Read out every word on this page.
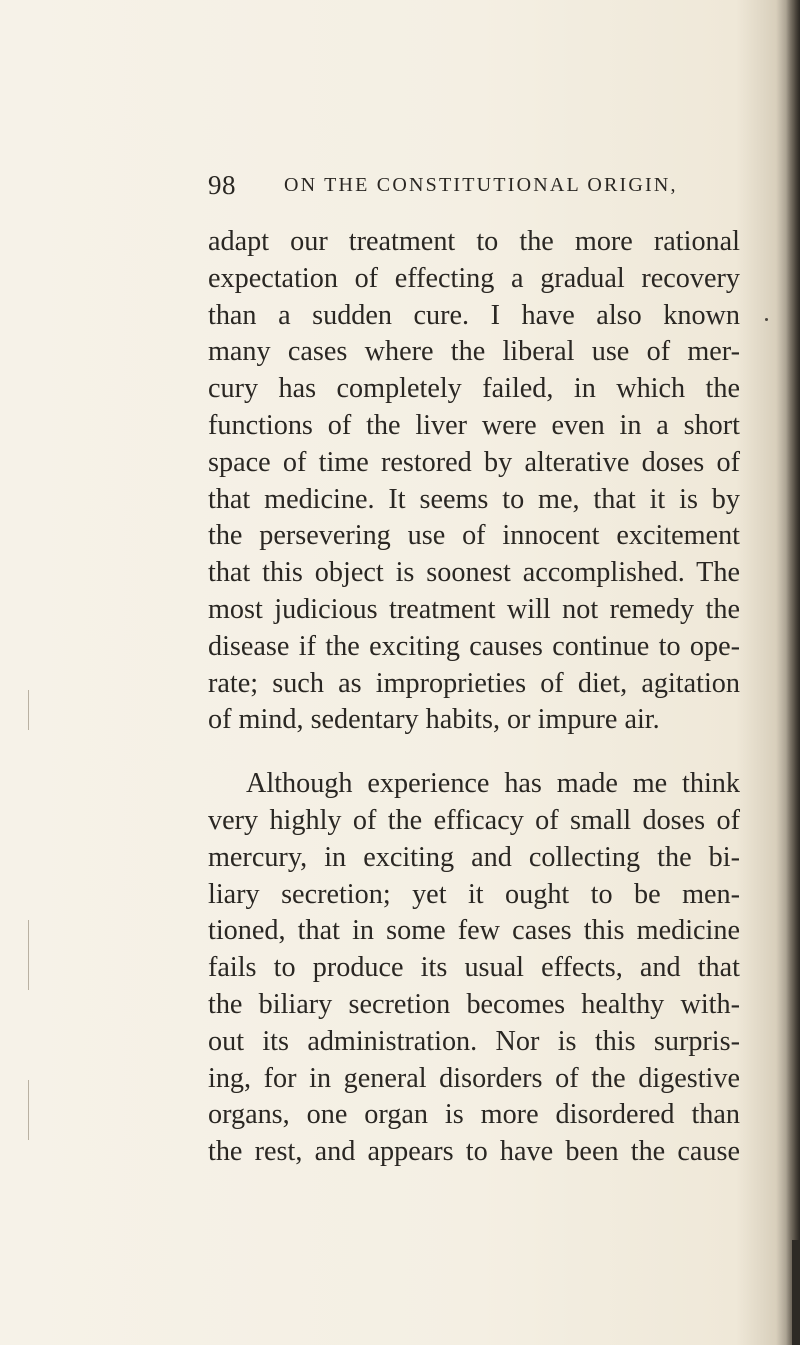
98 ON THE CONSTITUTIONAL ORIGIN,
adapt our treatment to the more rational
expectation of effecting a gradual recovery
than a sudden cure. I have also known
many cases where the liberal use of mer-
cury has completely failed, in which the
functions of the liver were even in a short
space of time restored by alterative doses of
that medicine. It seems to me, that it is by
the persevering use of innocent excitement
that this object is soonest accomplished. The
most judicious treatment will not remedy the
disease if the exciting causes continue to ope-
rate; such as improprieties of diet, agitation
of mind, sedentary habits, or impure air.
Although experience has made me think
very highly of the efficacy of small doses of
mercury, in exciting and collecting the bi-
liary secretion; yet it ought to be men-
tioned, that in some few cases this medicine
fails to produce its usual effects, and that
the biliary secretion becomes healthy with-
out its administration. Nor is this surpris-
ing, for in general disorders of the digestive
organs, one organ is more disordered than
the rest, and appears to have been the cause
